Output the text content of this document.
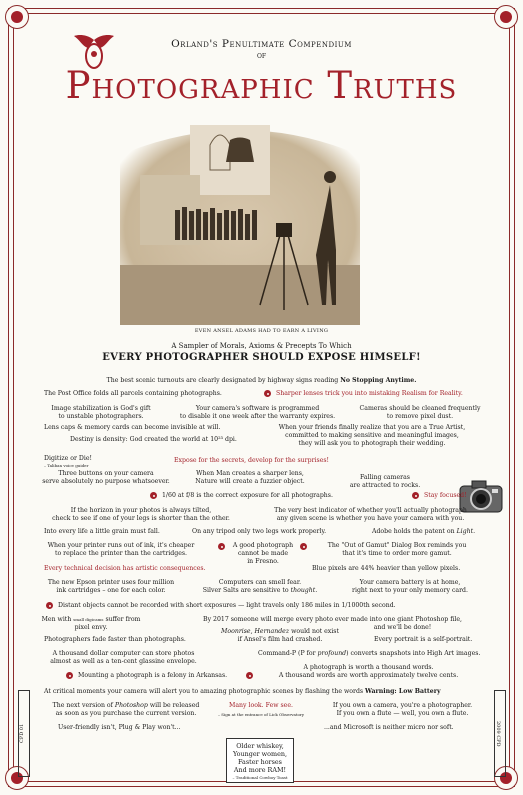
Orland's Penultimate Compendium
of
Photographic Truths
EVEN ANSEL ADAMS HAD TO EARN A LIVING
A Sampler of Morals, Axioms & Precepts To Which
EVERY PHOTOGRAPHER SHOULD EXPOSE HIMSELF!
The best scenic turnouts are clearly designated by highway signs reading No Stopping Anytime.
The Post Office folds all parcels containing photographs.	Sharper lenses trick you into mistaking Realism for Reality.
Image stabilization is God's gift
to unstable photographers.
Your camera's software is programmed
to disable it one week after the warranty expires.
Cameras should be cleaned frequently
to remove pixel dust.
Lens caps & memory cards can become invisible at will.	When your friends finally realize that you are a True Artist,
committed to making sensitive and meaningful images,
they will ask you to photograph their wedding.
Destiny is density: God created the world at 10²³ dpi.
Digitize or Die!
– Taliban voice guider
Expose for the secrets, develop for the surprises!
Three buttons on your camera
serve absolutely no purpose whatsoever.
When Man creates a sharper lens,
Nature will create a fuzzier object.
Falling cameras
are attracted to rocks.
1/60 at f/8 is the correct exposure for all photographs.	Stay focused!
If the horizon in your photos is always tilted,
check to see if one of your legs is shorter than the other.
The very best indicator of whether you'll actually photograph
any given scene is whether you have your camera with you.
Into every life a little grain must fall.	On any tripod only two legs work properly.	Adobe holds the patent on Light.
When your printer runs out of ink, it's cheaper
to replace the printer than the cartridges.
A good photograph
cannot be made
in Fresno.
The "Out of Gamut" Dialog Box reminds you
that it's time to order more gamut.
Every technical decision has artistic consequences.	Blue pixels are 44% heavier than yellow pixels.
The new Epson printer uses four million
ink cartridges – one for each color.
Computers can smell fear.
Silver Salts are sensitive to thought.
Your camera battery is at home,
right next to your only memory card.
Distant objects cannot be recorded with short exposures — light travels only 186 miles in 1/1000th second.
Men with small digicams suffer from
pixel envy.
By 2017 someone will merge every photo ever made into one giant Photoshop file,
and we'll be done!
Photographers fade faster than photographs.
Moonrise, Hernandez would not exist
if Ansel's film had crashed.	Every portrait is a self-portrait.
A thousand dollar computer can store photos
almost as well as a ten-cent glassine envelope.
Command-P (P for profound) converts snapshots into High Art images.
Mounting a photograph is a felony in Arkansas.
A photograph is worth a thousand words.
A thousand words are worth approximately twelve cents.
At critical moments your camera will alert you to amazing photographic scenes by flashing the words Warning: Low Battery
The next version of Photoshop will be released
as soon as you purchase the current version.
Many look. Few see.
– Sign at the entrance of Lick Observatory
If you own a camera, you're a photographer.
If you own a flute — well, you own a flute.
User-friendly isn't, Plug & Play won't...	...and Microsoft is neither micro nor soft.
Older whiskey,
Younger women,
Faster horses
And more RAM!
– Traditional Cowboy Toast
CPD 01	2009 CPD
